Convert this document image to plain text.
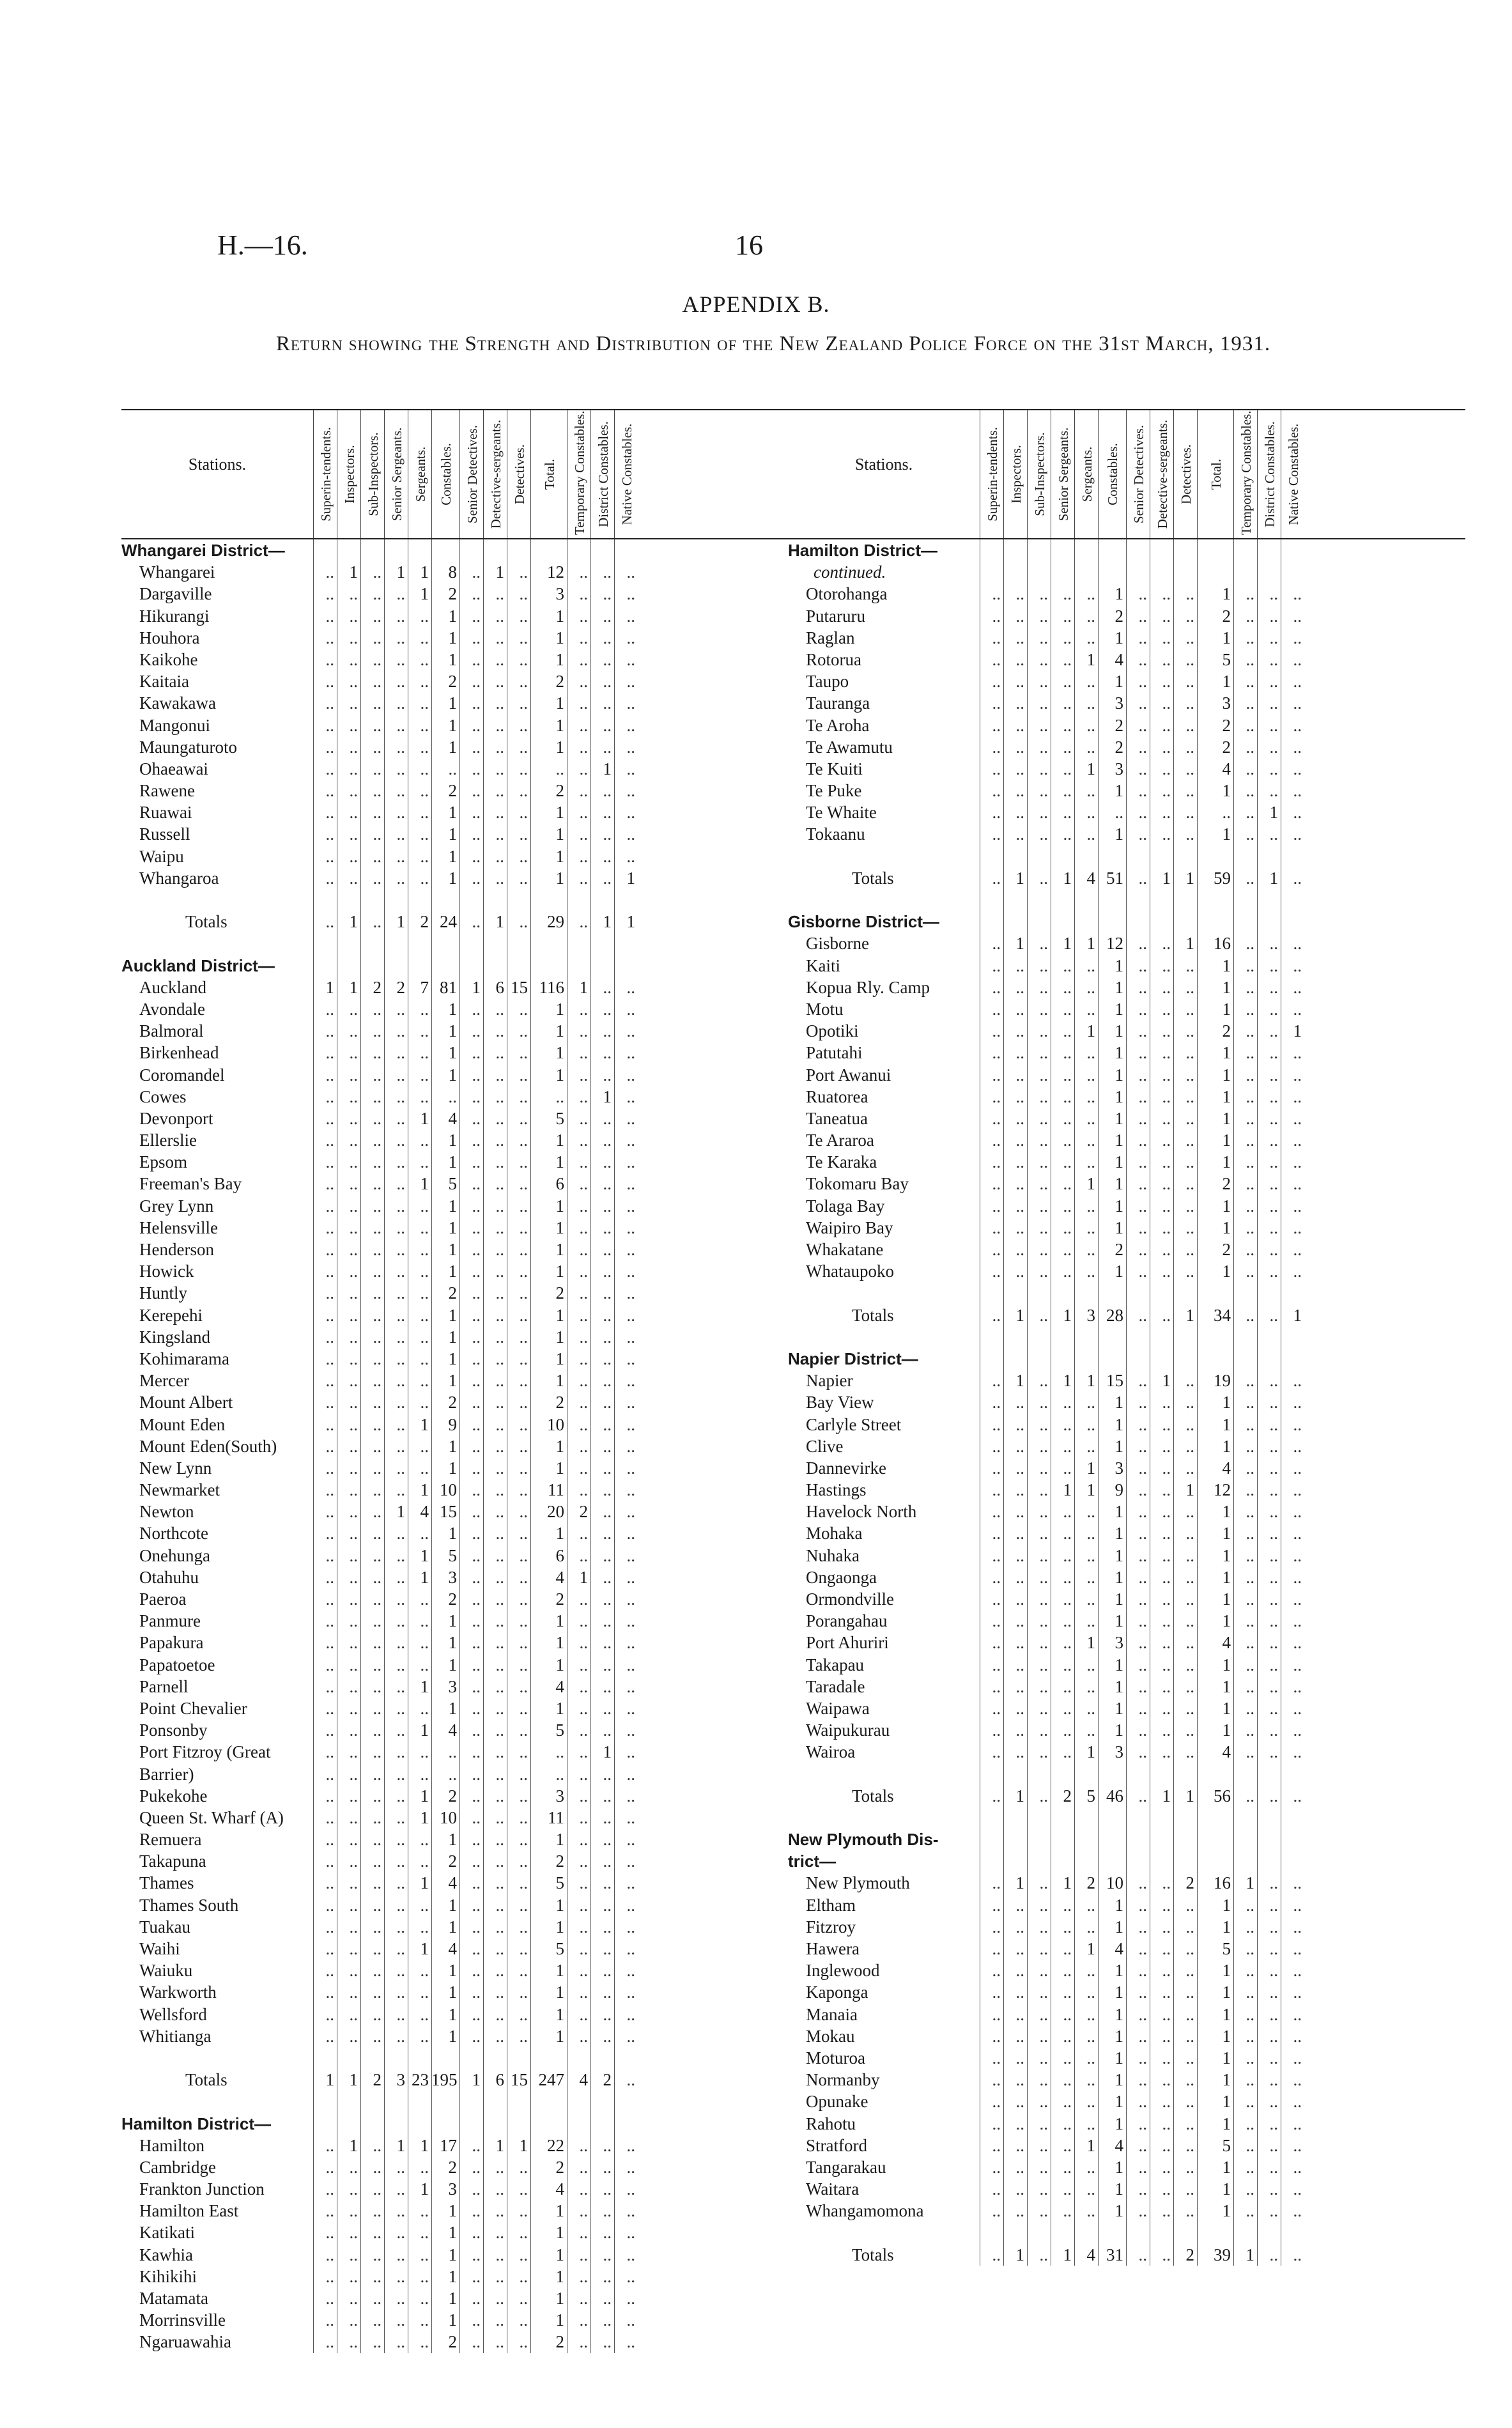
H.—16.	16
APPENDIX B.
Return showing the Strength and Distribution of the New Zealand Police Force on the 31st March, 1931.
Stations.	Superin-tendents. Inspectors. Sub-Inspectors. Senior Sergeants. Sergeants. Constables. Senior Detectives. Detective-sergeants. Detectives. Total. Temporary Constables. District Constables. Native Constables.
Whangarei District—
Whangarei	.. 1 .. 1 1	8 .. 1 ..	12 .. .. ..
Dargaville	.. .. .. .. 1	2 .. .. ..	3 .. .. ..
Hikurangi	.. .. .. .. ..	1 .. .. ..	1 .. .. ..
Houhora	.. .. .. .. ..	1 .. .. ..	1 .. .. ..
Kaikohe	.. .. .. .. ..	1 .. .. ..	1 .. .. ..
Kaitaia	.. .. .. .. ..	2 .. .. ..	2 .. .. ..
Kawakawa	.. .. .. .. ..	1 .. .. ..	1 .. .. ..
Mangonui	.. .. .. .. ..	1 .. .. ..	1 .. .. ..
Maungaturoto	.. .. .. .. ..	1 .. .. ..	1 .. .. ..
Ohaeawai	.. .. .. .. ..	.. .. .. ..	.. .. 1 ..
Rawene	.. .. .. .. ..	2 .. .. ..	2 .. .. ..
Ruawai	.. .. .. .. ..	1 .. .. ..	1 .. .. ..
Russell	.. .. .. .. ..	1 .. .. ..	1 .. .. ..
Waipu	.. .. .. .. ..	1 .. .. ..	1 .. .. ..
Whangaroa	.. .. .. .. ..	1 .. .. ..	1 .. .. 1
Totals	.. 1 .. 1 2 24 .. 1 ..	29 .. 1 1
Auckland District—
Auckland	1 1 2 2 7 81 1 6 15 116 1 .. ..
Avondale	.. .. .. .. ..	1 .. .. ..	1 .. .. ..
Balmoral	.. .. .. .. ..	1 .. .. ..	1 .. .. ..
Birkenhead	.. .. .. .. ..	1 .. .. ..	1 .. .. ..
Coromandel	.. .. .. .. ..	1 .. .. ..	1 .. .. ..
Cowes	.. .. .. .. ..	.. .. .. ..	.. .. 1 ..
Devonport	.. .. .. .. 1	4 .. .. ..	5 .. .. ..
Ellerslie	.. .. .. .. ..	1 .. .. ..	1 .. .. ..
Epsom	.. .. .. .. ..	1 .. .. ..	1 .. .. ..
Freeman's Bay	.. .. .. .. 1	5 .. .. ..	6 .. .. ..
Grey Lynn	.. .. .. .. ..	1 .. .. ..	1 .. .. ..
Helensville	.. .. .. .. ..	1 .. .. ..	1 .. .. ..
Henderson	.. .. .. .. ..	1 .. .. ..	1 .. .. ..
Howick	.. .. .. .. ..	1 .. .. ..	1 .. .. ..
Huntly	.. .. .. .. ..	2 .. .. ..	2 .. .. ..
Kerepehi	.. .. .. .. ..	1 .. .. ..	1 .. .. ..
Kingsland	.. .. .. .. ..	1 .. .. ..	1 .. .. ..
Kohimarama	.. .. .. .. ..	1 .. .. ..	1 .. .. ..
Mercer	.. .. .. .. ..	1 .. .. ..	1 .. .. ..
Mount Albert	.. .. .. .. ..	2 .. .. ..	2 .. .. ..
Mount Eden	.. .. .. .. 1	9 .. .. ..	10 .. .. ..
Mount Eden(South)	.. .. .. .. ..	1 .. .. ..	1 .. .. ..
New Lynn	.. .. .. .. ..	1 .. .. ..	1 .. .. ..
Newmarket	.. .. .. .. 1 10 .. .. ..	11 .. .. ..
Newton	.. .. .. 1 4 15 .. .. ..	20 2 .. ..
Northcote	.. .. .. .. ..	1 .. .. ..	1 .. .. ..
Onehunga	.. .. .. .. 1	5 .. .. ..	6 .. .. ..
Otahuhu	.. .. .. .. 1	3 .. .. ..	4 1 .. ..
Paeroa	.. .. .. .. ..	2 .. .. ..	2 .. .. ..
Panmure	.. .. .. .. ..	1 .. .. ..	1 .. .. ..
Papakura	.. .. .. .. ..	1 .. .. ..	1 .. .. ..
Papatoetoe	.. .. .. .. ..	1 .. .. ..	1 .. .. ..
Parnell	.. .. .. .. 1	3 .. .. ..	4 .. .. ..
Point Chevalier	.. .. .. .. ..	1 .. .. ..	1 .. .. ..
Ponsonby	.. .. .. .. 1	4 .. .. ..	5 .. .. ..
Port Fitzroy (Great	.. .. .. .. ..	.. .. .. ..	.. .. 1 ..
Barrier)	.. .. .. .. ..	.. .. .. ..	.. .. .. ..
Pukekohe	.. .. .. .. 1	2 .. .. ..	3 .. .. ..
Queen St. Wharf (A)	.. .. .. .. 1 10 .. .. ..	11 .. .. ..
Remuera	.. .. .. .. ..	1 .. .. ..	1 .. .. ..
Takapuna	.. .. .. .. ..	2 .. .. ..	2 .. .. ..
Thames	.. .. .. .. 1	4 .. .. ..	5 .. .. ..
Thames South	.. .. .. .. ..	1 .. .. ..	1 .. .. ..
Tuakau	.. .. .. .. ..	1 .. .. ..	1 .. .. ..
Waihi	.. .. .. .. 1	4 .. .. ..	5 .. .. ..
Waiuku	.. .. .. .. ..	1 .. .. ..	1 .. .. ..
Warkworth	.. .. .. .. ..	1 .. .. ..	1 .. .. ..
Wellsford	.. .. .. .. ..	1 .. .. ..	1 .. .. ..
Whitianga	.. .. .. .. ..	1 .. .. ..	1 .. .. ..
Totals	1 1 2 3 23 195 1 6 15 247 4 2 ..
Hamilton District—
Hamilton	.. 1 .. 1 1 17 .. 1 1	22 .. .. ..
Cambridge	.. .. .. .. ..	2 .. .. ..	2 .. .. ..
Frankton Junction	.. .. .. .. 1	3 .. .. ..	4 .. .. ..
Hamilton East	.. .. .. .. ..	1 .. .. ..	1 .. .. ..
Katikati	.. .. .. .. ..	1 .. .. ..	1 .. .. ..
Kawhia	.. .. .. .. ..	1 .. .. ..	1 .. .. ..
Kihikihi	.. .. .. .. ..	1 .. .. ..	1 .. .. ..
Matamata	.. .. .. .. ..	1 .. .. ..	1 .. .. ..
Morrinsville	.. .. .. .. ..	1 .. .. ..	1 .. .. ..
Ngaruawahia	.. .. .. .. ..	2 .. .. ..	2 .. .. ..
Stations.	Superin-tendents. Inspectors. Sub-Inspectors. Senior Sergeants. Sergeants. Constables. Senior Detectives. Detective-sergeants. Detectives. Total. Temporary Constables. District Constables. Native Constables.
Hamilton District—
continued.
Otorohanga	.. .. .. .. ..	1 .. .. ..	1 .. .. ..
Putaruru	.. .. .. .. ..	2 .. .. ..	2 .. .. ..
Raglan	.. .. .. .. ..	1 .. .. ..	1 .. .. ..
Rotorua	.. .. .. .. 1	4 .. .. ..	5 .. .. ..
Taupo	.. .. .. .. ..	1 .. .. ..	1 .. .. ..
Tauranga	.. .. .. .. ..	3 .. .. ..	3 .. .. ..
Te Aroha	.. .. .. .. ..	2 .. .. ..	2 .. .. ..
Te Awamutu	.. .. .. .. ..	2 .. .. ..	2 .. .. ..
Te Kuiti	.. .. .. .. 1	3 .. .. ..	4 .. .. ..
Te Puke	.. .. .. .. ..	1 .. .. ..	1 .. .. ..
Te Whaite	.. .. .. .. ..	.. .. .. ..	.. .. 1 ..
Tokaanu	.. .. .. .. ..	1 .. .. ..	1 .. .. ..
Totals	.. 1 .. 1 4 51 .. 1 1	59 .. 1 ..
Gisborne District—
Gisborne	.. 1 .. 1 1 12 .. .. 1	16 .. .. ..
Kaiti	.. .. .. .. ..	1 .. .. ..	1 .. .. ..
Kopua Rly. Camp	.. .. .. .. ..	1 .. .. ..	1 .. .. ..
Motu	.. .. .. .. ..	1 .. .. ..	1 .. .. ..
Opotiki	.. .. .. .. 1	1 .. .. ..	2 .. .. 1
Patutahi	.. .. .. .. ..	1 .. .. ..	1 .. .. ..
Port Awanui	.. .. .. .. ..	1 .. .. ..	1 .. .. ..
Ruatorea	.. .. .. .. ..	1 .. .. ..	1 .. .. ..
Taneatua	.. .. .. .. ..	1 .. .. ..	1 .. .. ..
Te Araroa	.. .. .. .. ..	1 .. .. ..	1 .. .. ..
Te Karaka	.. .. .. .. ..	1 .. .. ..	1 .. .. ..
Tokomaru Bay	.. .. .. .. 1	1 .. .. ..	2 .. .. ..
Tolaga Bay	.. .. .. .. ..	1 .. .. ..	1 .. .. ..
Waipiro Bay	.. .. .. .. ..	1 .. .. ..	1 .. .. ..
Whakatane	.. .. .. .. ..	2 .. .. ..	2 .. .. ..
Whataupoko	.. .. .. .. ..	1 .. .. ..	1 .. .. ..
Totals	.. 1 .. 1 3 28 .. .. 1	34 .. .. 1
Napier District—
Napier	.. 1 .. 1 1 15 .. 1 ..	19 .. .. ..
Bay View	.. .. .. .. ..	1 .. .. ..	1 .. .. ..
Carlyle Street	.. .. .. .. ..	1 .. .. ..	1 .. .. ..
Clive	.. .. .. .. ..	1 .. .. ..	1 .. .. ..
Dannevirke	.. .. .. .. 1	3 .. .. ..	4 .. .. ..
Hastings	.. .. .. 1 1	9 .. .. 1	12 .. .. ..
Havelock North	.. .. .. .. ..	1 .. .. ..	1 .. .. ..
Mohaka	.. .. .. .. ..	1 .. .. ..	1 .. .. ..
Nuhaka	.. .. .. .. ..	1 .. .. ..	1 .. .. ..
Ongaonga	.. .. .. .. ..	1 .. .. ..	1 .. .. ..
Ormondville	.. .. .. .. ..	1 .. .. ..	1 .. .. ..
Porangahau	.. .. .. .. ..	1 .. .. ..	1 .. .. ..
Port Ahuriri	.. .. .. .. 1	3 .. .. ..	4 .. .. ..
Takapau	.. .. .. .. ..	1 .. .. ..	1 .. .. ..
Taradale	.. .. .. .. ..	1 .. .. ..	1 .. .. ..
Waipawa	.. .. .. .. ..	1 .. .. ..	1 .. .. ..
Waipukurau	.. .. .. .. ..	1 .. .. ..	1 .. .. ..
Wairoa	.. .. .. .. 1	3 .. .. ..	4 .. .. ..
Totals	.. 1 .. 2 5 46 .. 1 1	56 .. .. ..
New Plymouth Dis-
trict—
New Plymouth	.. 1 .. 1 2 10 .. .. 2	16 1 .. ..
Eltham	.. .. .. .. ..	1 .. .. ..	1 .. .. ..
Fitzroy	.. .. .. .. ..	1 .. .. ..	1 .. .. ..
Hawera	.. .. .. .. 1	4 .. .. ..	5 .. .. ..
Inglewood	.. .. .. .. ..	1 .. .. ..	1 .. .. ..
Kaponga	.. .. .. .. ..	1 .. .. ..	1 .. .. ..
Manaia	.. .. .. .. ..	1 .. .. ..	1 .. .. ..
Mokau	.. .. .. .. ..	1 .. .. ..	1 .. .. ..
Moturoa	.. .. .. .. ..	1 .. .. ..	1 .. .. ..
Normanby	.. .. .. .. ..	1 .. .. ..	1 .. .. ..
Opunake	.. .. .. .. ..	1 .. .. ..	1 .. .. ..
Rahotu	.. .. .. .. ..	1 .. .. ..	1 .. .. ..
Stratford	.. .. .. .. 1	4 .. .. ..	5 .. .. ..
Tangarakau	.. .. .. .. ..	1 .. .. ..	1 .. .. ..
Waitara	.. .. .. .. ..	1 .. .. ..	1 .. .. ..
Whangamomona	.. .. .. .. ..	1 .. .. ..	1 .. .. ..
Totals	.. 1 .. 1 4 31 .. .. 2	39 1 .. ..
